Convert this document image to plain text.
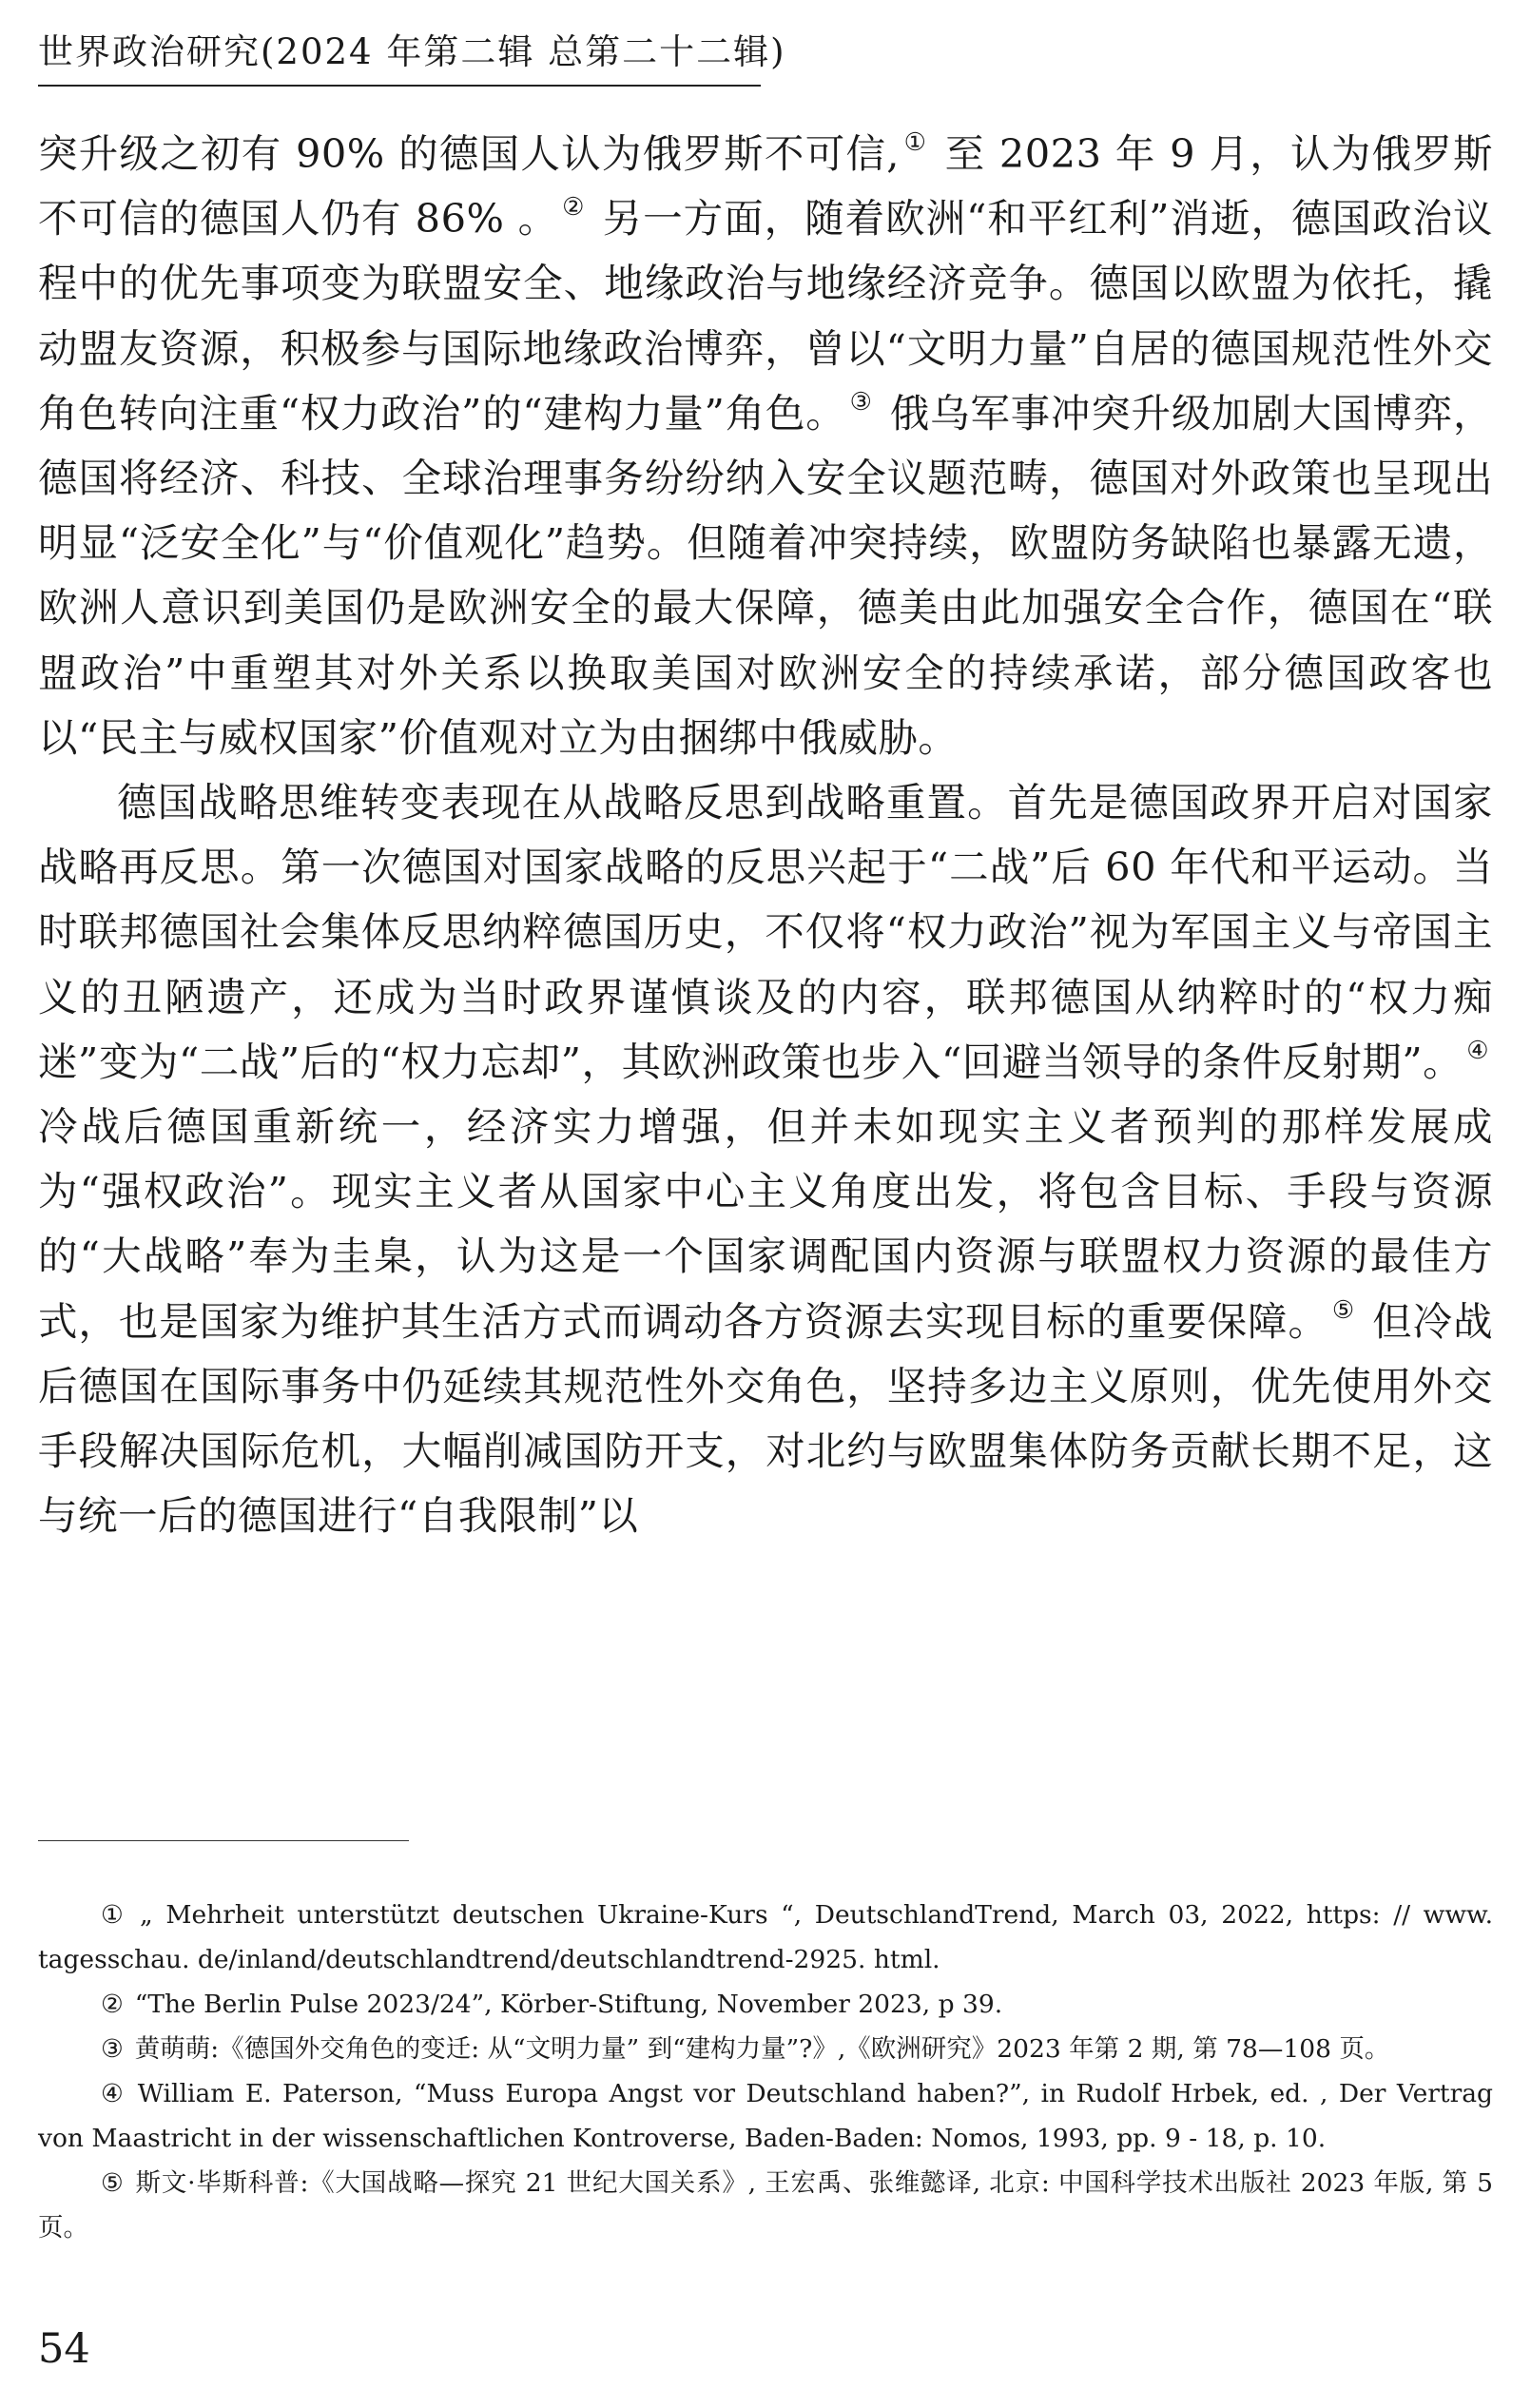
世界政治研究(2024 年第二辑 总第二十二辑)

突升级之初有 90% 的德国人认为俄罗斯不可信, ① 至 2023 年 9 月，认为俄罗斯不可信的德国人仍有 86% 。 ② 另一方面，随着欧洲“和平红利”消逝，德国政治议程中的优先事项变为联盟安全、地缘政治与地缘经济竞争。德国以欧盟为依托，撬动盟友资源，积极参与国际地缘政治博弈，曾以“文明力量”自居的德国规范性外交角色转向注重“权力政治”的“建构力量”角色。 ③ 俄乌军事冲突升级加剧大国博弈，德国将经济、科技、全球治理事务纷纷纳入安全议题范畴，德国对外政策也呈现出明显“泛安全化”与“价值观化”趋势。但随着冲突持续，欧盟防务缺陷也暴露无遗，欧洲人意识到美国仍是欧洲安全的最大保障，德美由此加强安全合作，德国在“联盟政治”中重塑其对外关系以换取美国对欧洲安全的持续承诺，部分德国政客也以“民主与威权国家”价值观对立为由捆绑中俄威胁。

德国战略思维转变表现在从战略反思到战略重置。首先是德国政界开启对国家战略再反思。第一次德国对国家战略的反思兴起于“二战”后 60 年代和平运动。当时联邦德国社会集体反思纳粹德国历史，不仅将“权力政治”视为军国主义与帝国主义的丑陋遗产，还成为当时政界谨慎谈及的内容，联邦德国从纳粹时的“权力痴迷”变为“二战”后的“权力忘却”，其欧洲政策也步入“回避当领导的条件反射期”。 ④ 冷战后德国重新统一，经济实力增强，但并未如现实主义者预判的那样发展成为“强权政治”。现实主义者从国家中心主义角度出发，将包含目标、手段与资源的“大战略”奉为圭臬，认为这是一个国家调配国内资源与联盟权力资源的最佳方式，也是国家为维护其生活方式而调动各方资源去实现目标的重要保障。 ⑤ 但冷战后德国在国际事务中仍延续其规范性外交角色，坚持多边主义原则，优先使用外交手段解决国际危机，大幅削减国防开支，对北约与欧盟集体防务贡献长期不足，这与统一后的德国进行“自我限制”以

① „ Mehrheit unterstützt deutschen Ukraine-Kurs “, DeutschlandTrend, March 03, 2022, https: // www. tagesschau. de/inland/deutschlandtrend/deutschlandtrend-2925. html.

② “The Berlin Pulse 2023/24”, Körber-Stiftung, November 2023, p 39.

③ 黄萌萌:《德国外交角色的变迁: 从“文明力量” 到“建构力量”?》,《欧洲研究》2023 年第 2 期, 第 78—108 页。

④ William E. Paterson, “Muss Europa Angst vor Deutschland haben?”, in Rudolf Hrbek, ed. , Der Vertrag von Maastricht in der wissenschaftlichen Kontroverse, Baden-Baden: Nomos, 1993, pp. 9 - 18, p. 10.

⑤ 斯文·毕斯科普:《大国战略—探究 21 世纪大国关系》, 王宏禹、张维懿译, 北京: 中国科学技术出版社 2023 年版, 第 5 页。

54
